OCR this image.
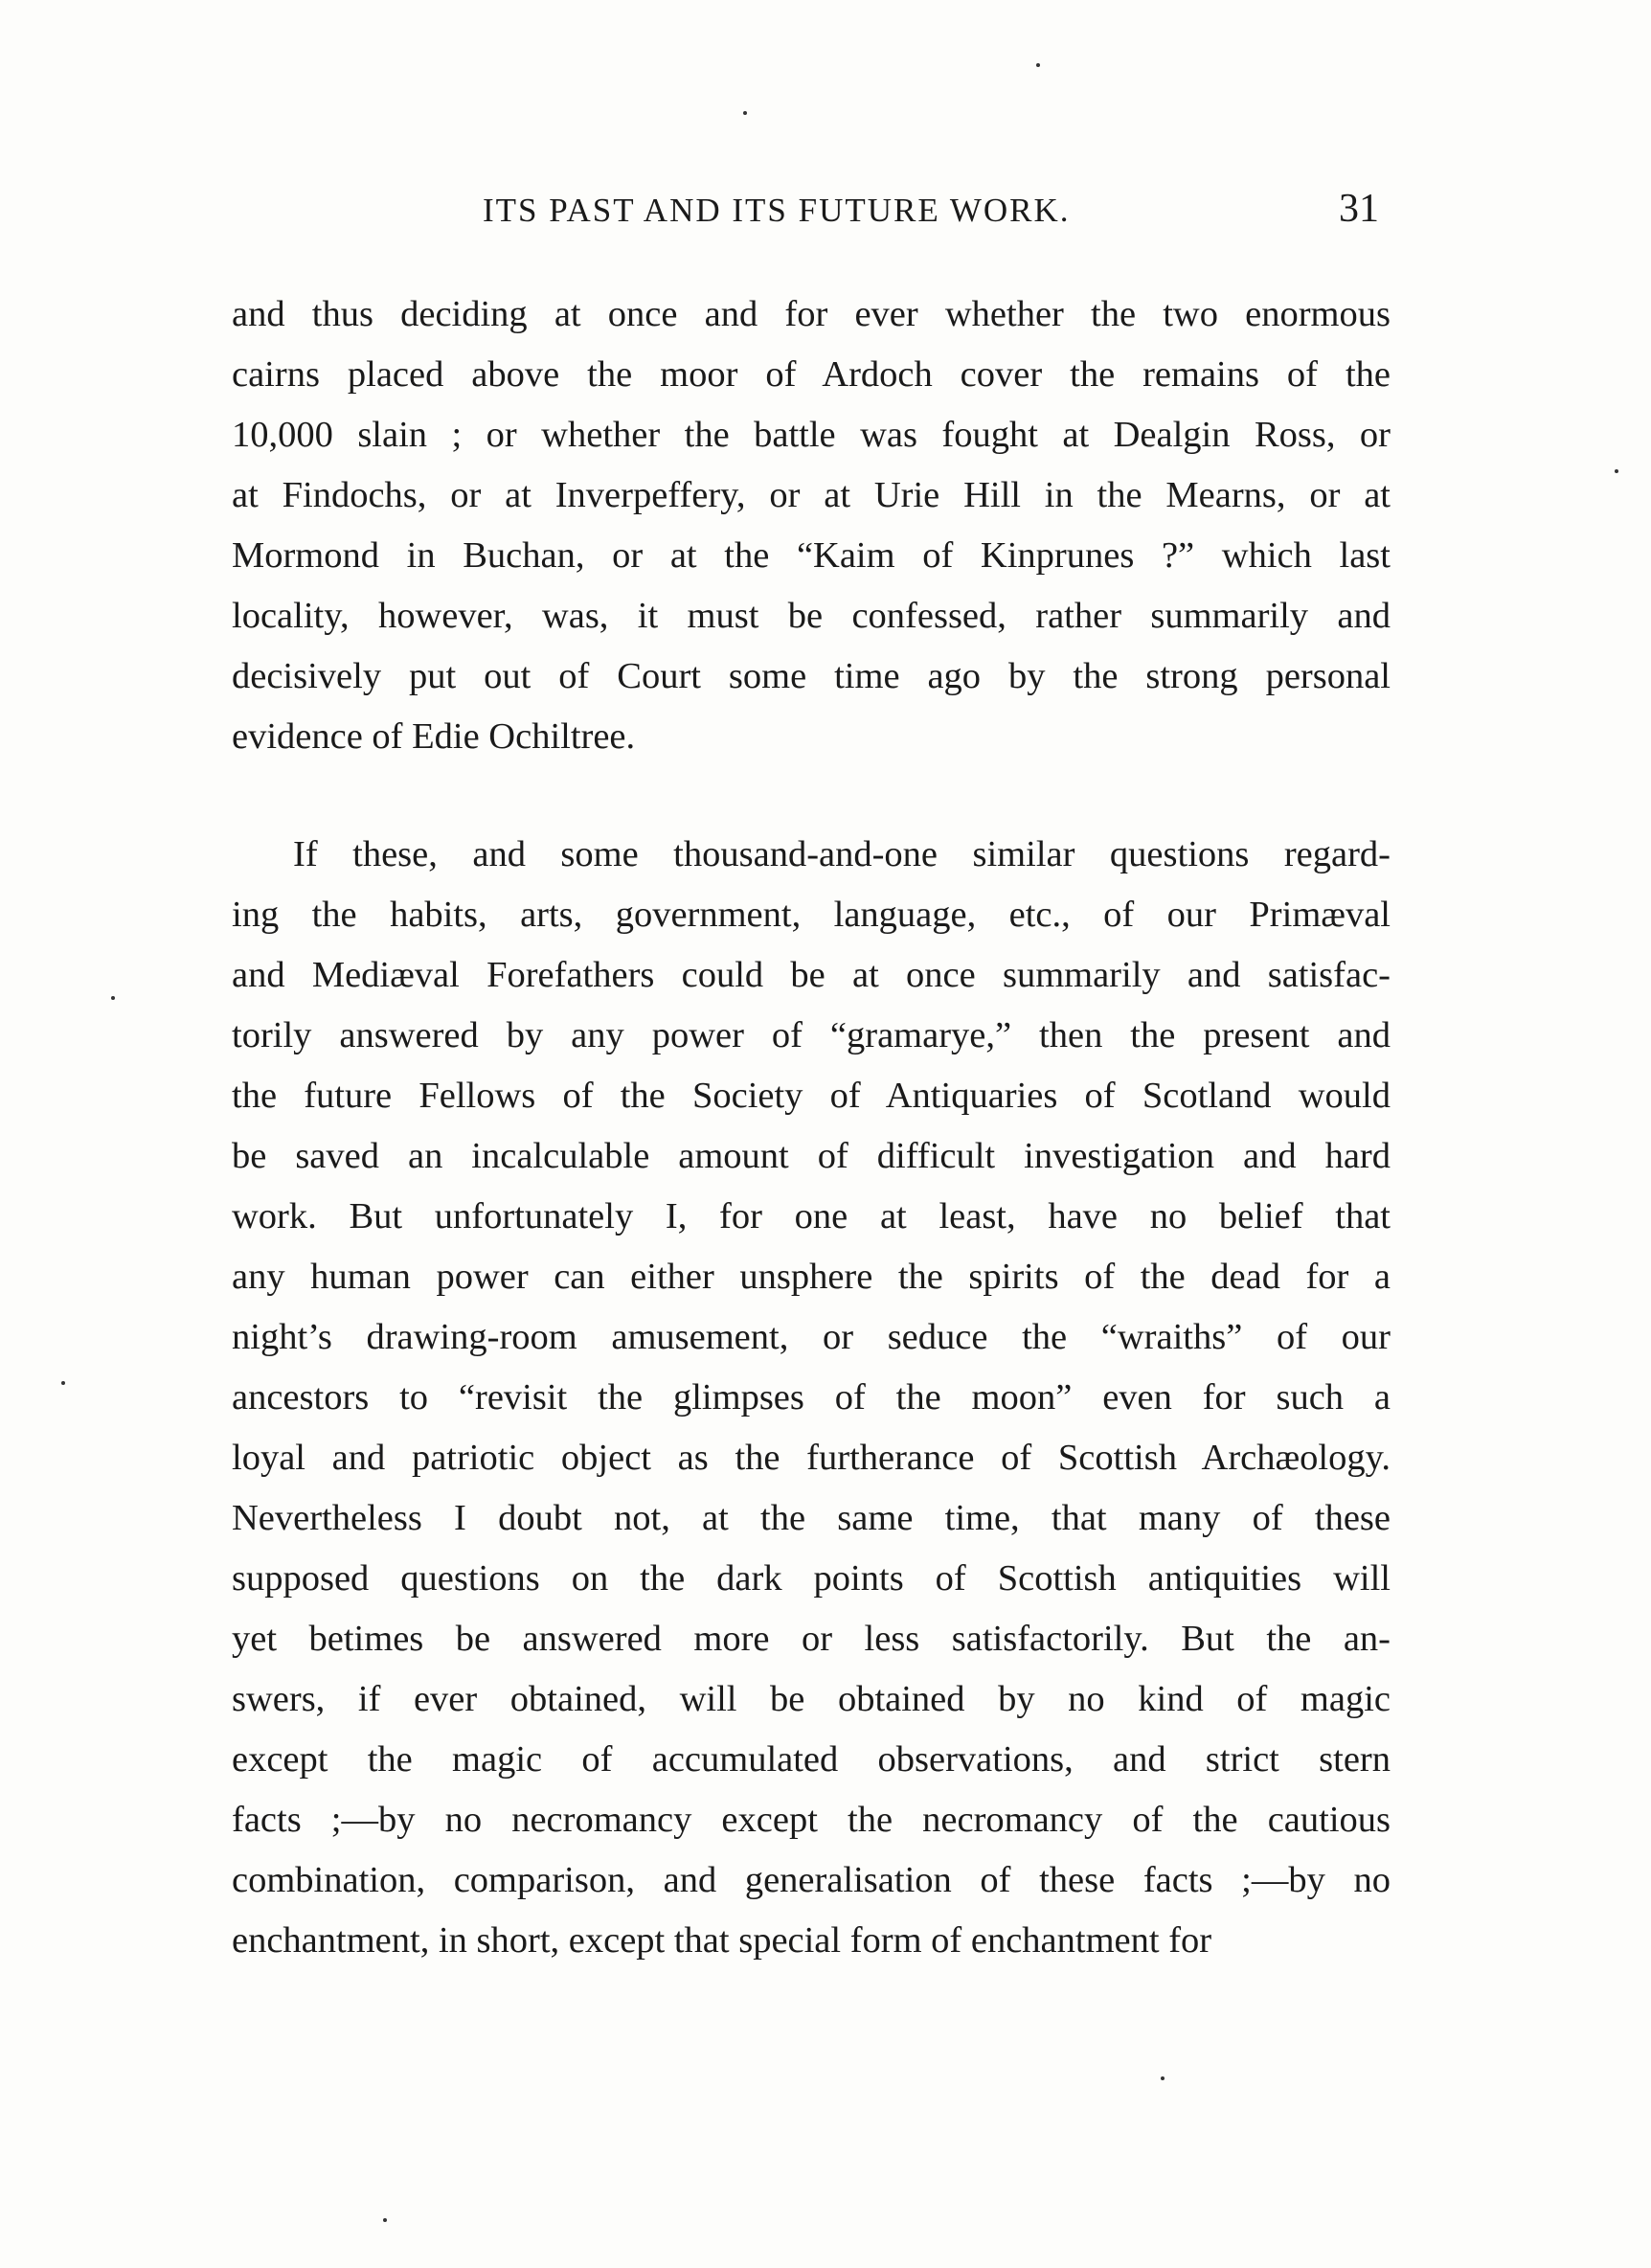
ITS PAST AND ITS FUTURE WORK.	31
and thus deciding at once and for ever whether the two enormous
cairns placed above the moor of Ardoch cover the remains of the
10,000 slain ; or whether the battle was fought at Dealgin Ross, or
at Findochs, or at Inverpeffery, or at Urie Hill in the Mearns, or at
Mormond in Buchan, or at the “Kaim of Kinprunes ?” which last
locality, however, was, it must be confessed, rather summarily and
decisively put out of Court some time ago by the strong personal
evidence of Edie Ochiltree.
If these, and some thousand-and-one similar questions regard-
ing the habits, arts, government, language, etc., of our Primæval
and Mediæval Forefathers could be at once summarily and satisfac-
torily answered by any power of “gramarye,” then the present and
the future Fellows of the Society of Antiquaries of Scotland would
be saved an incalculable amount of difficult investigation and hard
work. But unfortunately I, for one at least, have no belief that
any human power can either unsphere the spirits of the dead for a
night’s drawing-room amusement, or seduce the “wraiths” of our
ancestors to “revisit the glimpses of the moon” even for such a
loyal and patriotic object as the furtherance of Scottish Archæology.
Nevertheless I doubt not, at the same time, that many of these
supposed questions on the dark points of Scottish antiquities will
yet betimes be answered more or less satisfactorily. But the an-
swers, if ever obtained, will be obtained by no kind of magic
except the magic of accumulated observations, and strict stern
facts ;—by no necromancy except the necromancy of the cautious
combination, comparison, and generalisation of these facts ;—by no
enchantment, in short, except that special form of enchantment for
